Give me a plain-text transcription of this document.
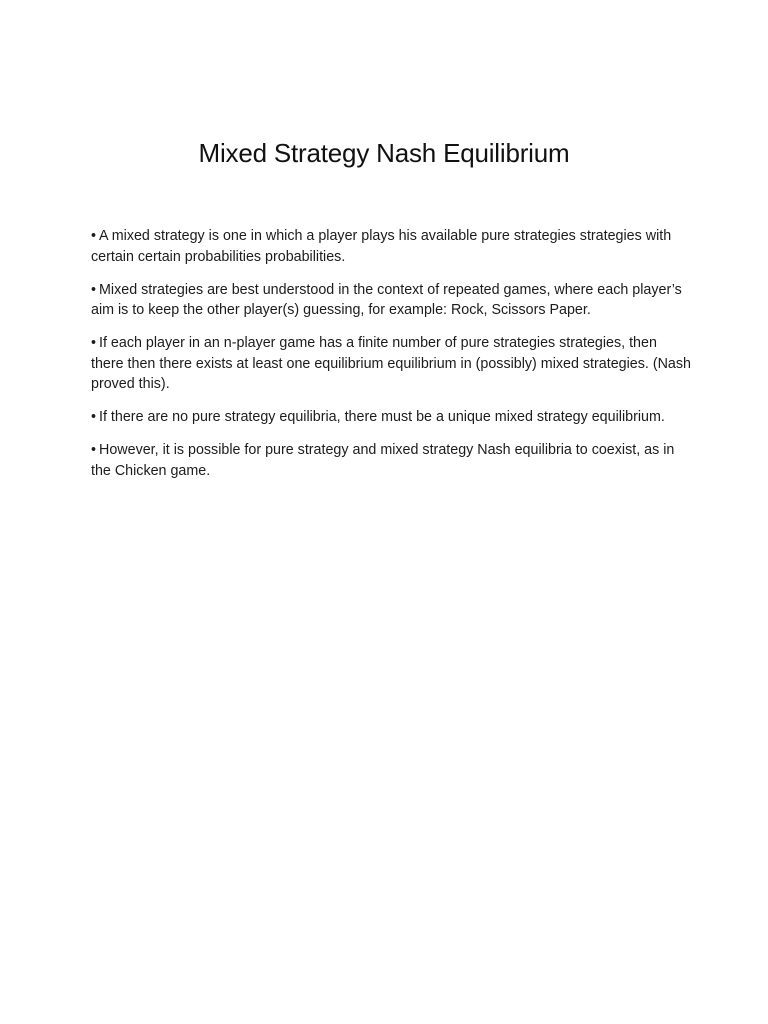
Mixed Strategy Nash Equilibrium

• A mixed strategy is one in which a player plays his available pure strategies strategies with certain certain probabilities probabilities.

• Mixed strategies are best understood in the context of repeated games, where each player’s aim is to keep the other player(s) guessing, for example: Rock, Scissors Paper.

• If each player in an n-player game has a finite number of pure strategies strategies, then there then there exists at least one equilibrium equilibrium in (possibly) mixed strategies. (Nash proved this).

• If there are no pure strategy equilibria, there must be a unique mixed strategy equilibrium.

• However, it is possible for pure strategy and mixed strategy Nash equilibria to coexist, as in the Chicken game.
